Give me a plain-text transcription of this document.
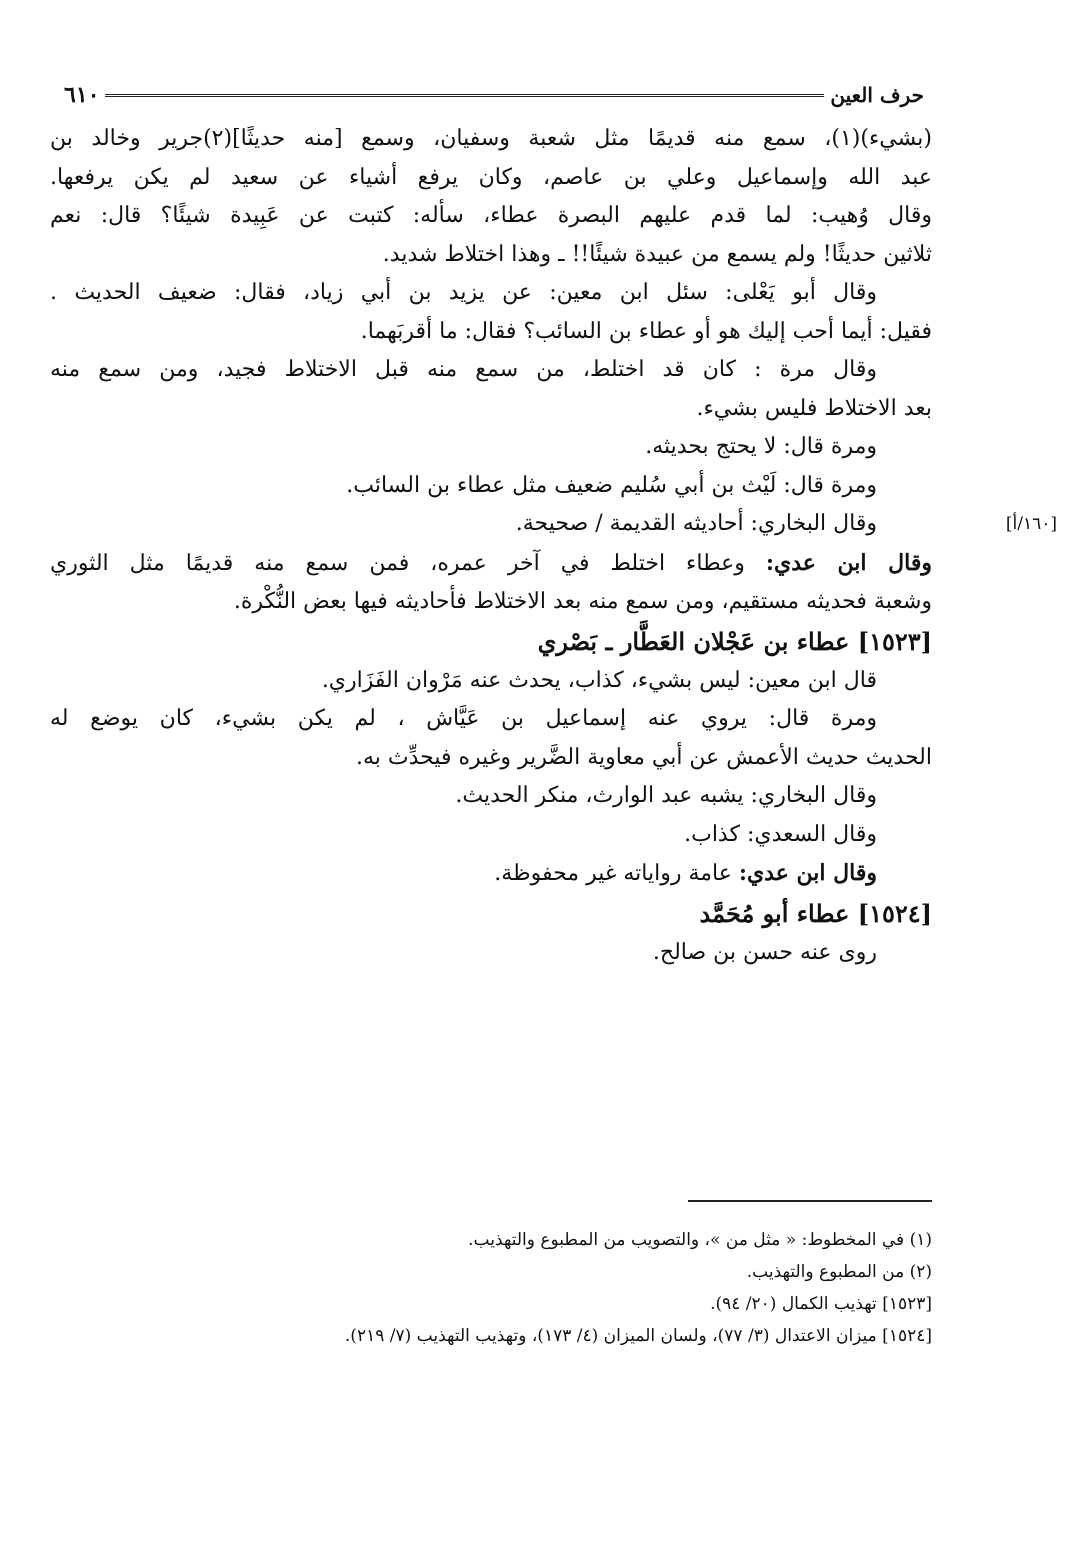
حرف العين
٦١٠
(بشيء)(١)، سمع منه قديمًا مثل شعبة وسفيان، وسمع [منه حديثًا](٢)جرير وخالد بن
عبد الله وإسماعيل وعلي بن عاصم، وكان يرفع أشياء عن سعيد لم يكن يرفعها.
وقال وُهيب: لما قدم عليهم البصرة عطاء، سأله: كتبت عن عَبِيدة شيئًا؟ قال: نعم
ثلاثين حديثًا! ولم يسمع من عبيدة شيئًا!! ـ وهذا اختلاط شديد.
وقال أبو يَعْلى: سئل ابن معين: عن يزيد بن أبي زياد، فقال: ضعيف الحديث .
فقيل: أيما أحب إليك هو أو عطاء بن السائب؟ فقال: ما أقربَهما.
وقال مرة : كان قد اختلط، من سمع منه قبل الاختلاط فجيد، ومن سمع منه
بعد الاختلاط فليس بشيء.
ومرة قال: لا يحتج بحديثه.
ومرة قال: لَيْث بن أبي سُليم ضعيف مثل عطاء بن السائب.
وقال البخاري: أحاديثه القديمة / صحيحة.	[١٦٠/أ]
وقال ابن عدي: وعطاء اختلط في آخر عمره، فمن سمع منه قديمًا مثل الثوري
وشعبة فحديثه مستقيم، ومن سمع منه بعد الاختلاط فأحاديثه فيها بعض النُّكْرة.
[١٥٢٣] عطاء بن عَجْلان العَطَّار ـ بَصْري
قال ابن معين: ليس بشيء، كذاب، يحدث عنه مَرْوان الفَزَاري.
ومرة قال: يروي عنه إسماعيل بن عَيَّاش ، لم يكن بشيء، كان يوضع له
الحديث حديث الأعمش عن أبي معاوية الضَّرير وغيره فيحدِّث به.
وقال البخاري: يشبه عبد الوارث، منكر الحديث.
وقال السعدي: كذاب.
وقال ابن عدي: عامة رواياته غير محفوظة.
[١٥٢٤] عطاء أبو مُحَمَّد
روى عنه حسن بن صالح.
(١) في المخطوط: « مثل من »، والتصويب من المطبوع والتهذيب.
(٢) من المطبوع والتهذيب.
[١٥٢٣] تهذيب الكمال (٢٠/ ٩٤).
[١٥٢٤] ميزان الاعتدال (٣/ ٧٧)، ولسان الميزان (٤/ ١٧٣)، وتهذيب التهذيب (٧/ ٢١٩).
